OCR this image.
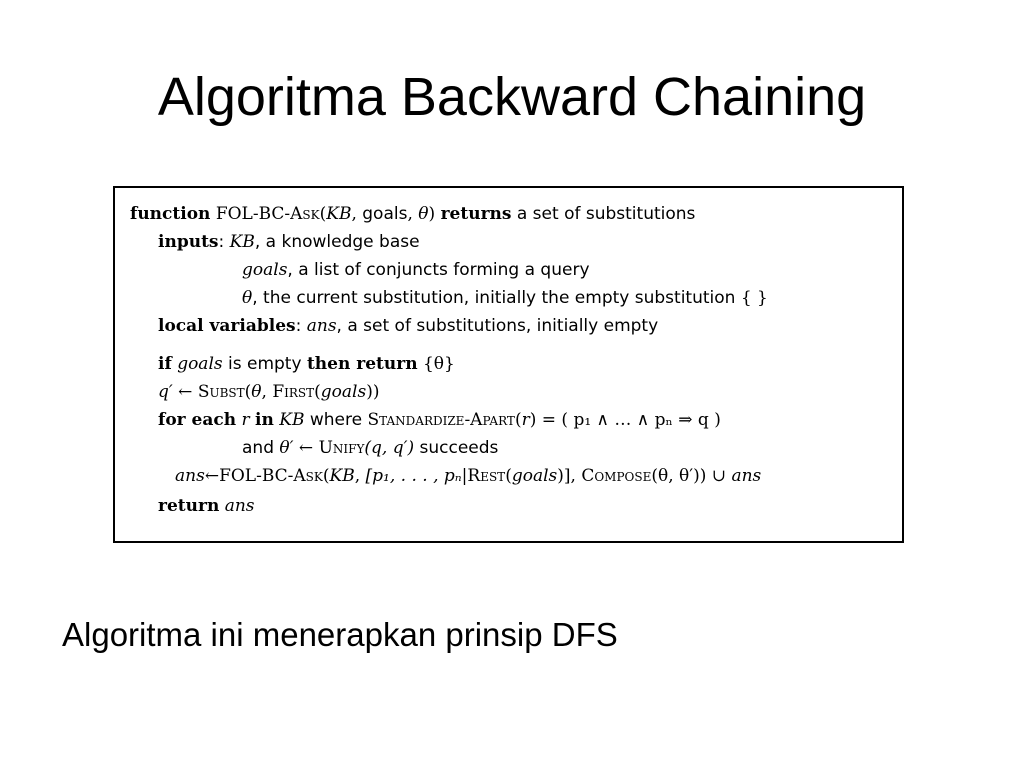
Algoritma Backward Chaining
function FOL-BC-Ask(KB, goals, θ) returns a set of substitutions
inputs: KB, a knowledge base
goals, a list of conjuncts forming a query
θ, the current substitution, initially the empty substitution { }
local variables: ans, a set of substitutions, initially empty
if goals is empty then return {θ}
q′ ← Subst(θ, First(goals))
for each r in KB where Standardize-Apart(r) = ( p₁ ∧ … ∧ pₙ ⇒ q )
and θ′ ← Unify(q, q′) succeeds
ans←FOL-BC-Ask(KB, [p₁, . . . , pₙ|Rest(goals)], Compose(θ, θ′)) ∪ ans
return ans
Algoritma ini menerapkan prinsip DFS
